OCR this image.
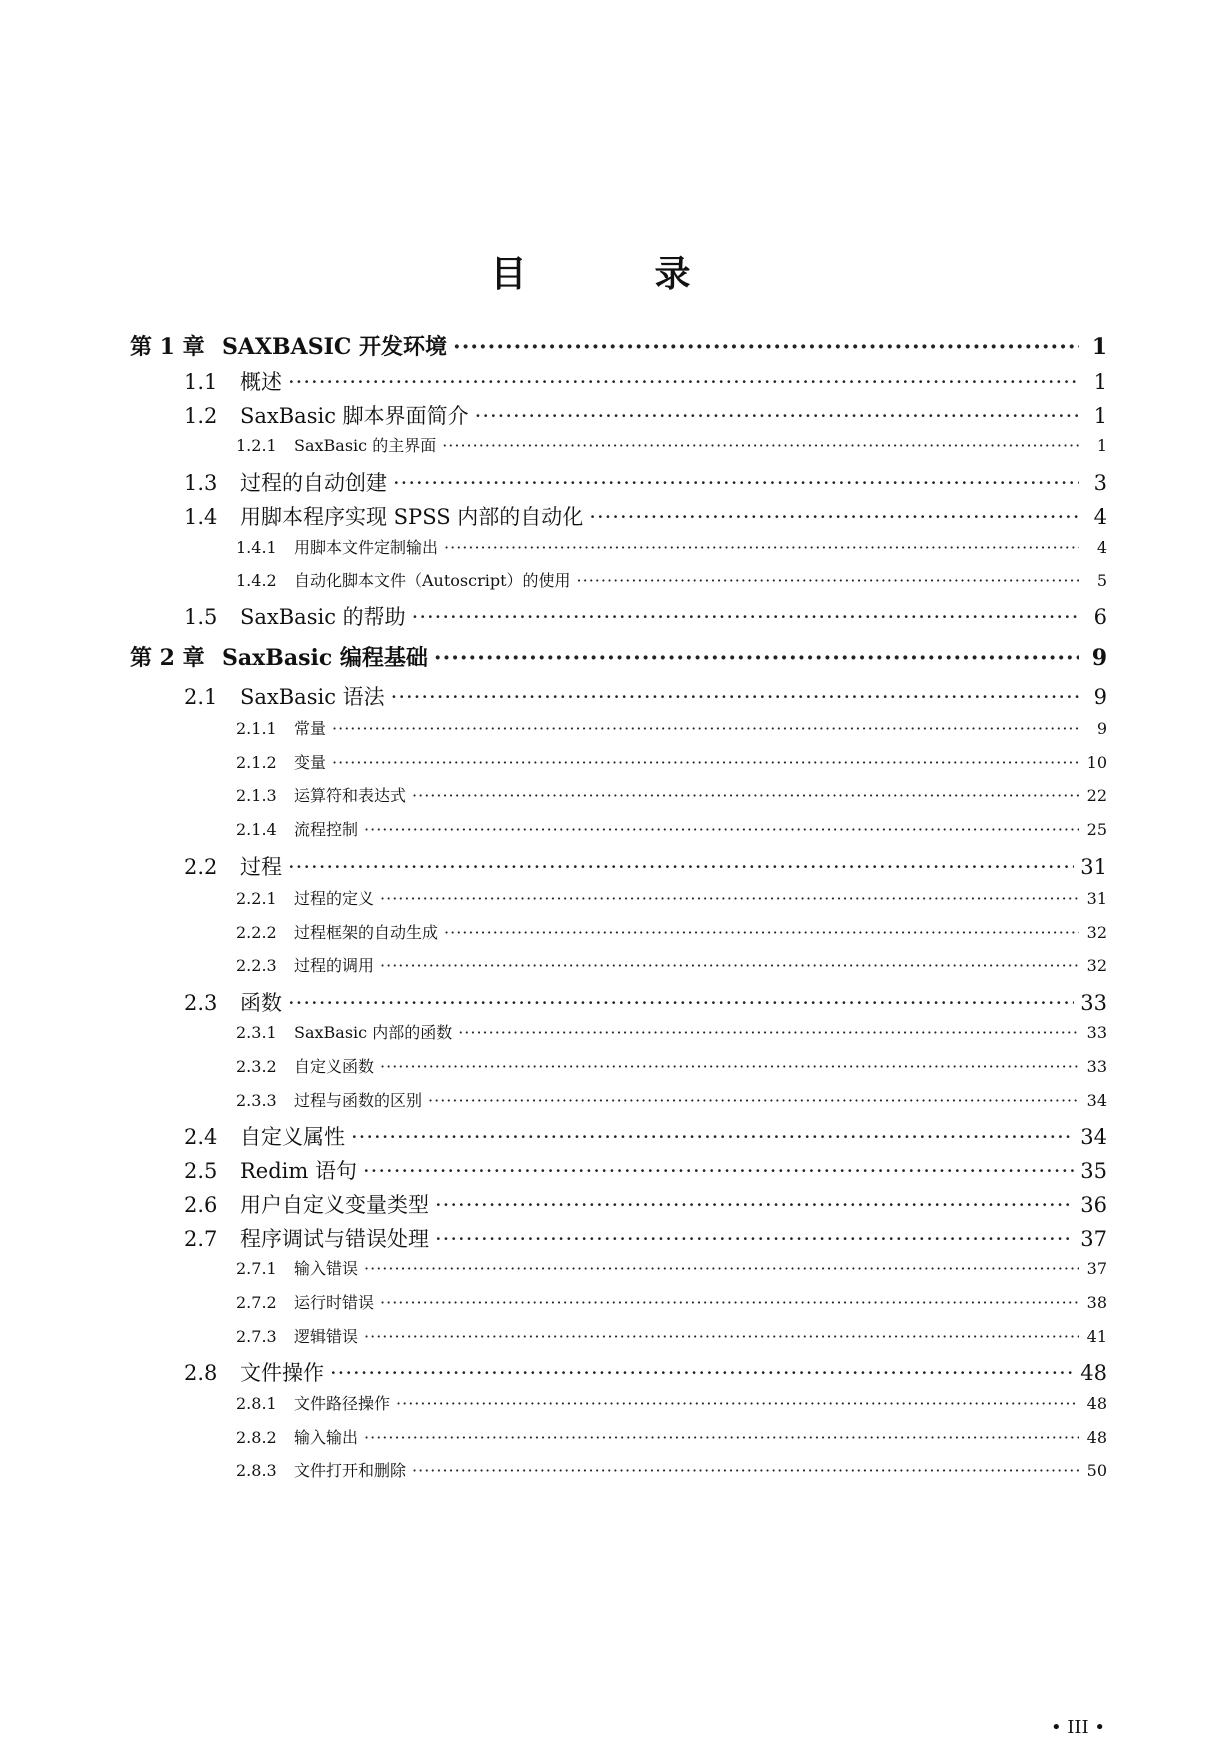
目　录
第 1 章 SAXBASIC 开发环境 ·····	1
1.1	概述 ·····	1
1.2	SaxBasic 脚本界面简介 ·····	1
1.2.1	SaxBasic 的主界面 ·····	1
1.3	过程的自动创建 ·····	3
1.4	用脚本程序实现 SPSS 内部的自动化 ·····	4
1.4.1	用脚本文件定制输出 ·····	4
1.4.2	自动化脚本文件（Autoscript）的使用 ·····	5
1.5	SaxBasic 的帮助 ·····	6
第 2 章 SaxBasic 编程基础 ·····	9
2.1	SaxBasic 语法 ·····	9
2.1.1	常量 ·····	9
2.1.2	变量 ·····	10
2.1.3	运算符和表达式 ·····	22
2.1.4	流程控制 ·····	25
2.2	过程 ·····	31
2.2.1	过程的定义 ·····	31
2.2.2	过程框架的自动生成 ·····	32
2.2.3	过程的调用 ·····	32
2.3	函数 ·····	33
2.3.1	SaxBasic 内部的函数 ·····	33
2.3.2	自定义函数 ·····	33
2.3.3	过程与函数的区别 ·····	34
2.4	自定义属性 ·····	34
2.5	Redim 语句 ·····	35
2.6	用户自定义变量类型 ·····	36
2.7	程序调试与错误处理 ·····	37
2.7.1	输入错误 ·····	37
2.7.2	运行时错误 ·····	38
2.7.3	逻辑错误 ·····	41
2.8	文件操作 ·····	48
2.8.1	文件路径操作 ·····	48
2.8.2	输入输出 ·····	48
2.8.3	文件打开和删除 ·····	50
• III •
